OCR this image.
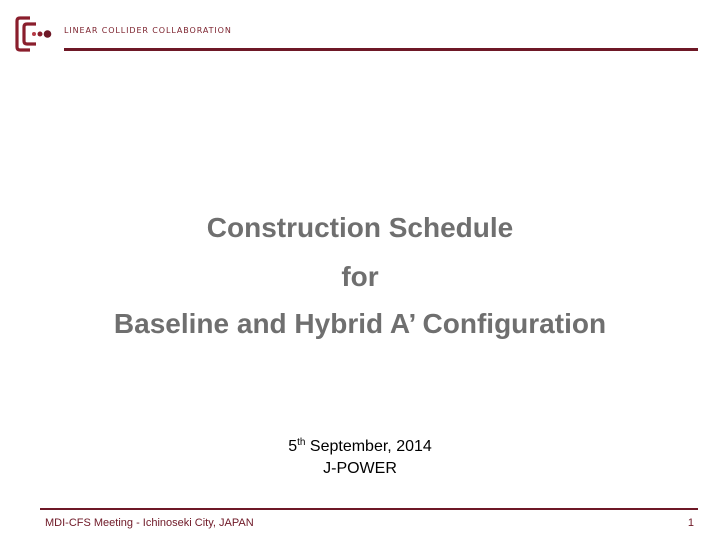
LINEAR COLLIDER COLLABORATION
Construction Schedule
for
Baseline and Hybrid A’ Configuration
5th September, 2014
J-POWER
MDI-CFS Meeting - Ichinoseki City, JAPAN	1
